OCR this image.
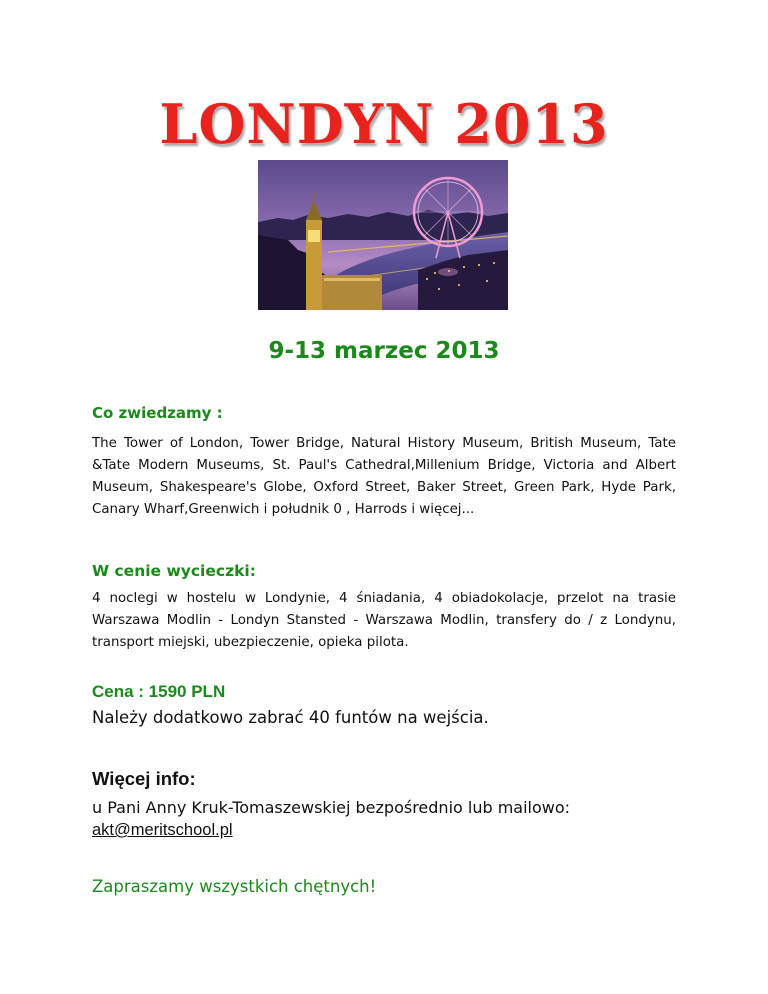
LONDYN 2013

9-13 marzec 2013

Co zwiedzamy :

The Tower of London, Tower Bridge, Natural History Museum, British Museum, Tate &Tate Modern Museums, St. Paul's Cathedral,Millenium Bridge, Victoria and Albert Museum, Shakespeare's Globe, Oxford Street, Baker Street, Green Park, Hyde Park, Canary Wharf,Greenwich i południk 0 , Harrods i więcej...

W cenie wycieczki:

4 noclegi w hostelu w Londynie, 4 śniadania, 4 obiadokolacje, przelot na trasie Warszawa Modlin - Londyn Stansted - Warszawa Modlin, transfery do / z Londynu, transport miejski, ubezpieczenie, opieka pilota.

Cena : 1590 PLN

Należy dodatkowo zabrać 40 funtów na wejścia.

Więcej info:

u Pani Anny Kruk-Tomaszewskiej bezpośrednio lub mailowo:

akt@meritschool.pl

Zapraszamy wszystkich chętnych!
